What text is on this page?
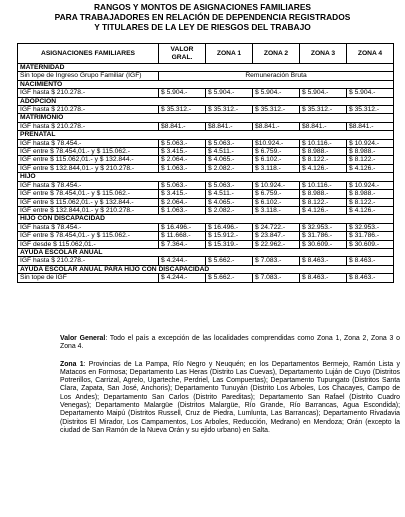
RANGOS Y MONTOS DE ASIGNACIONES FAMILIARES
PARA TRABAJADORES EN RELACIÓN DE DEPENDENCIA REGISTRADOS
Y TITULARES DE LA LEY DE RIESGOS DEL TRABAJO
ASIGNACIONES FAMILIARES	VALOR GRAL.	ZONA 1	ZONA 2	ZONA 3	ZONA 4
MATERNIDAD					
Sin tope de Ingreso Grupo Familiar (IGF)	Remuneración Bruta				
NACIMIENTO					
IGF hasta $ 210.278.-	$ 5.904.-	$ 5.904.-	$ 5.904.-	$ 5.904.-	$ 5.904.-
ADOPCIÓN					
IGF hasta $ 210.278.-	$ 35.312.-	$ 35.312.-	$ 35.312.-	$ 35.312.-	$ 35.312.-
MATRIMONIO					
IGF hasta $ 210.278.-	$8.841.-	$8.841.-	$8.841.-	$8.841.-	$8.841.-
PRENATAL					
IGF hasta $ 78.454.-	$ 5.063.-	$ 5.063.-	$10.924.-	$ 10.116.-	$ 10.924.-
IGF entre $ 78.454,01.- y $ 115.062.-	$ 3.415.-	$ 4.511.-	$ 6.759.-	$ 8.988.-	$ 8.988.-
IGF entre $ 115.062,01.- y $ 132.844.-	$ 2.064.-	$ 4.065.-	$ 6.102.-	$ 8.122.-	$ 8.122.-
IGF entre $ 132.844,01.- y $ 210.278.-	$ 1.063.-	$ 2.082.-	$ 3.118.-	$ 4.126.-	$ 4.126.-
HIJO					
IGF hasta $ 78.454.-	$ 5.063.-	$ 5.063.-	$ 10.924.-	$ 10.116.-	$ 10.924.-
IGF entre $ 78.454,01.- y $ 115.062.-	$ 3.415.-	$ 4.511.-	$ 6.759.-	$ 8.988.-	$ 8.988.-
IGF entre $ 115.062,01.- y $ 132.844.-	$ 2.064.-	$ 4.065.-	$ 6.102.-	$ 8.122.-	$ 8.122.-
IGF entre $ 132.844,01.- y $ 210.278.-	$ 1.063.-	$ 2.082.-	$ 3.118.-	$ 4.126.-	$ 4.126.-
HIJO CON DISCAPACIDAD					
IGF hasta $ 78.454.-	$ 16.496.-	$ 16.496.-	$ 24.722.-	$ 32.953.-	$ 32.953.-
IGF entre $ 78.454,01.- y $ 115.062.-	$ 11.668.-	$ 15.912.-	$ 23.847.-	$ 31.786.-	$ 31.786.-
IGF desde $ 115.062,01.-	$ 7.364.-	$ 15.319.-	$ 22.962.-	$ 30.609.-	$ 30.609.-
AYUDA ESCOLAR ANUAL					
IGF hasta $ 210.278.-	$ 4.244.-	$ 5.662.-	$ 7.083.-	$ 8.463.-	$ 8.463.-
AYUDA ESCOLAR ANUAL PARA HIJO CON DISCAPACIDAD					
Sin tope de IGF	$ 4.244.-	$ 5.662.-	$ 7.083.-	$ 8.463.-	$ 8.463.-

Valor General: Todo el país a excepción de las localidades comprendidas como Zona 1, Zona 2, Zona 3 o Zona 4.

Zona 1: Provincias de La Pampa, Río Negro y Neuquén; en los Departamentos Bermejo, Ramón Lista y Matacos en Formosa; Departamento Las Heras (Distrito Las Cuevas), Departamento Luján de Cuyo (Distritos Potrerillos, Carrizal, Agrelo, Ugarteche, Perdriel, Las Compuertas); Departamento Tupungato (Distritos Santa Clara, Zapata, San José, Anchoris); Departamento Tunuyán (Distrito Los Arboles, Los Chacayes, Campo de Los Andes); Departamento San Carlos (Distrito Pareditas); Departamento San Rafael (Distrito Cuadro Venegas); Departamento Malargüe (Distritos Malargüe, Río Grande, Río Barrancas, Agua Escondida); Departamento Maipú (Distritos Russell, Cruz de Piedra, Lumlunta, Las Barrancas); Departamento Rivadavia (Distritos El Mirador, Los Campamentos, Los Arboles, Reducción, Medrano) en Mendoza; Orán (excepto la ciudad de San Ramón de la Nueva Orán y su ejido urbano) en Salta.
